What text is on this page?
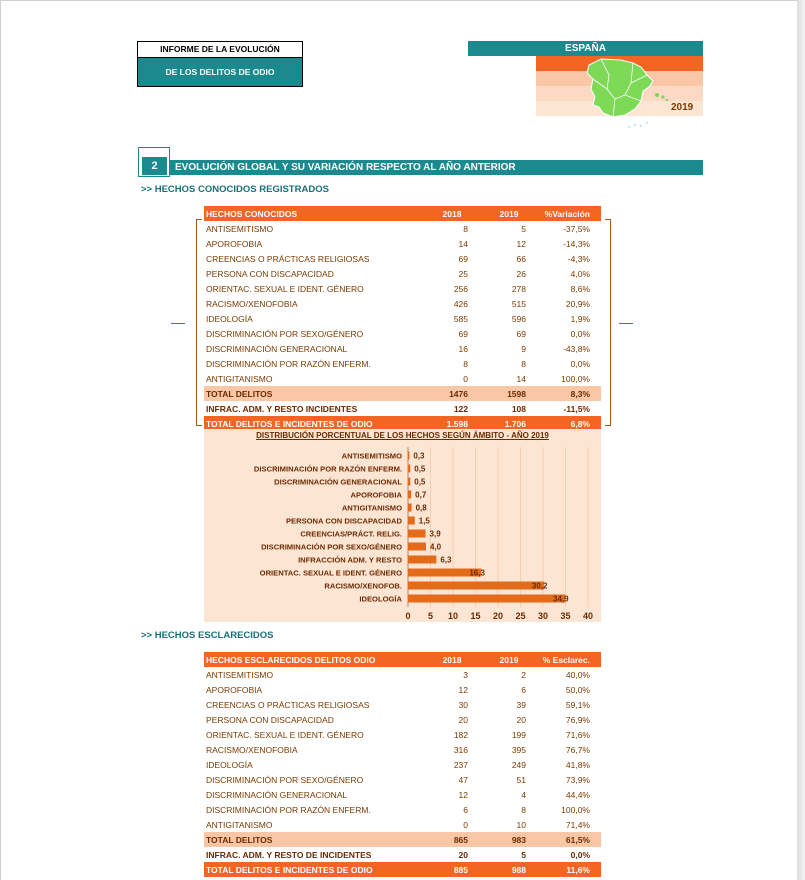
INFORME DE LA EVOLUCIÓN
DE LOS DELITOS DE ODIO
ESPAÑA
2019
2	EVOLUCIÓN GLOBAL Y SU VARIACIÓN RESPECTO AL AÑO ANTERIOR
>> HECHOS CONOCIDOS REGISTRADOS
HECHOS CONOCIDOS	2018	2019	%Variación
ANTISEMITISMO	8	5	-37,5%
APOROFOBIA	14	12	-14,3%
CREENCIAS O PRÁCTICAS RELIGIOSAS	69	66	-4,3%
PERSONA CON DISCAPACIDAD	25	26	4,0%
ORIENTAC. SEXUAL E IDENT. GÉNERO	256	278	8,6%
RACISMO/XENOFOBIA	426	515	20,9%
IDEOLOGÍA	585	596	1,9%
DISCRIMINACIÓN POR SEXO/GÉNERO	69	69	0,0%
DISCRIMINACIÓN GENERACIONAL	16	9	-43,8%
DISCRIMINACIÓN POR RAZÓN ENFERM.	8	8	0,0%
ANTIGITANISMO	0	14	100,0%
TOTAL DELITOS	1476	1598	8,3%
INFRAC. ADM. Y RESTO INCIDENTES	122	108	-11,5%
TOTAL DELITOS E INCIDENTES DE ODIO	1.598	1.706	6,8%
0 5 10 15 20 25 30 35 40
ANTISEMITISMO 0,3
DISCRIMINACIÓN POR RAZÓN ENFERM. 0,5
DISCRIMINACIÓN GENERACIONAL 0,5
APOROFOBIA 0,7
ANTIGITANISMO 0,8
PERSONA CON DISCAPACIDAD 1,5
CREENCIAS/PRÁCT. RELIG.	3,9
DISCRIMINACIÓN POR SEXO/GÉNERO	4,0
INFRACCIÓN ADM. Y RESTO	6,3
ORIENTAC. SEXUAL E IDENT. GÉNERO	16,3
RACISMO/XENOFOB.	30,2
IDEOLOGÍA	34,9
DISTRIBUCIÓN PORCENTUAL DE LOS HECHOS SEGÚN ÁMBITO - AÑO 2019
>> HECHOS ESCLARECIDOS
HECHOS ESCLARECIDOS DELITOS ODIO	2018	2019	% Esclarec.
ANTISEMITISMO	3	2	40,0%
APOROFOBIA	12	6	50,0%
CREENCIAS O PRÁCTICAS RELIGIOSAS	30	39	59,1%
PERSONA CON DISCAPACIDAD	20	20	76,9%
ORIENTAC. SEXUAL E IDENT. GÉNERO	182	199	71,6%
RACISMO/XENOFOBIA	316	395	76,7%
IDEOLOGÍA	237	249	41,8%
DISCRIMINACIÓN POR SEXO/GÉNERO	47	51	73,9%
DISCRIMINACIÓN GENERACIONAL	12	4	44,4%
DISCRIMINACIÓN POR RAZÓN ENFERM.	6	8	100,0%
ANTIGITANISMO	0	10	71,4%
TOTAL DELITOS	865	983	61,5%
INFRAC. ADM. Y RESTO DE INCIDENTES	20	5	0,0%
TOTAL DELITOS E INCIDENTES DE ODIO	885	988	11,6%
